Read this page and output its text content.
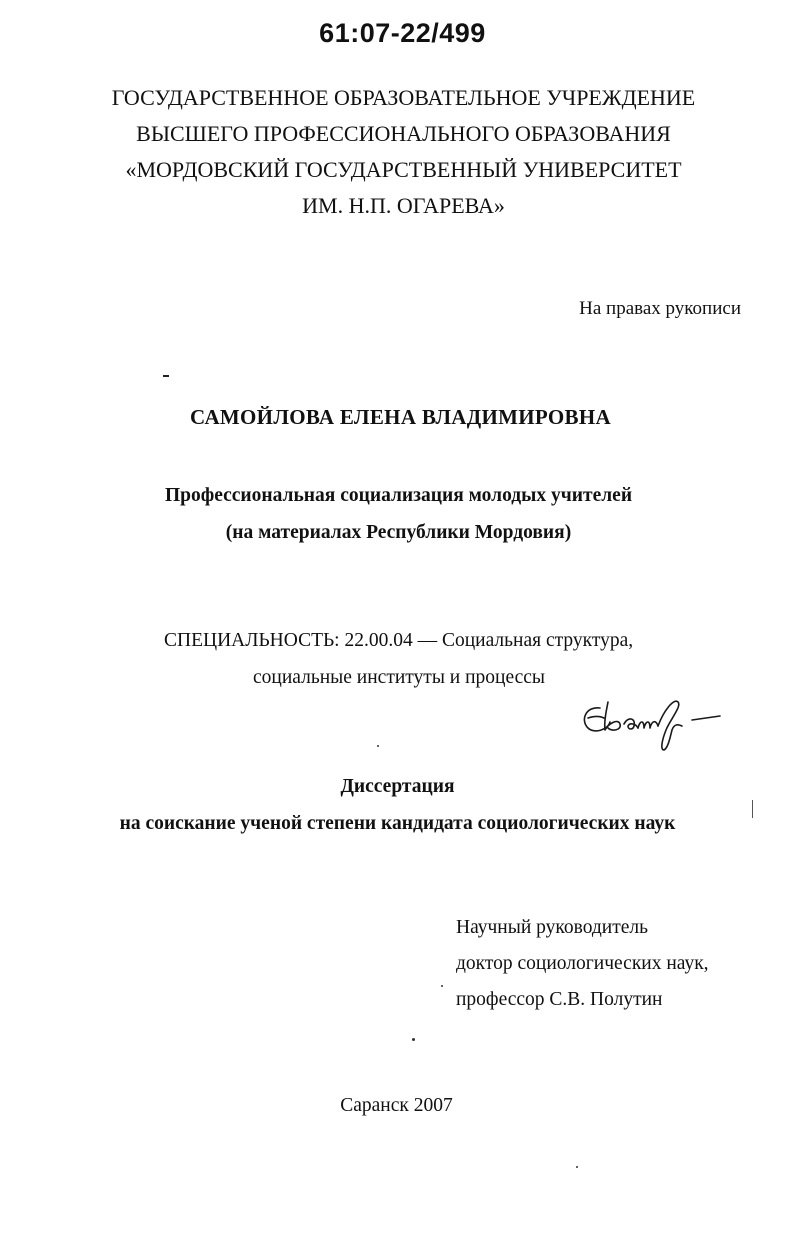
61:07-22/499
ГОСУДАРСТВЕННОЕ ОБРАЗОВАТЕЛЬНОЕ УЧРЕЖДЕНИЕ
ВЫСШЕГО ПРОФЕССИОНАЛЬНОГО ОБРАЗОВАНИЯ
«МОРДОВСКИЙ ГОСУДАРСТВЕННЫЙ УНИВЕРСИТЕТ
ИМ. Н.П. ОГАРЕВА»
На правах рукописи
САМОЙЛОВА ЕЛЕНА ВЛАДИМИРОВНА
Профессиональная социализация молодых учителей
(на материалах Республики Мордовия)
СПЕЦИАЛЬНОСТЬ: 22.00.04 — Социальная структура,
социальные институты и процессы
Диссертация
на соискание ученой степени кандидата социологических наук
Научный руководитель
доктор социологических наук,
профессор С.В. Полутин
Саранск 2007
